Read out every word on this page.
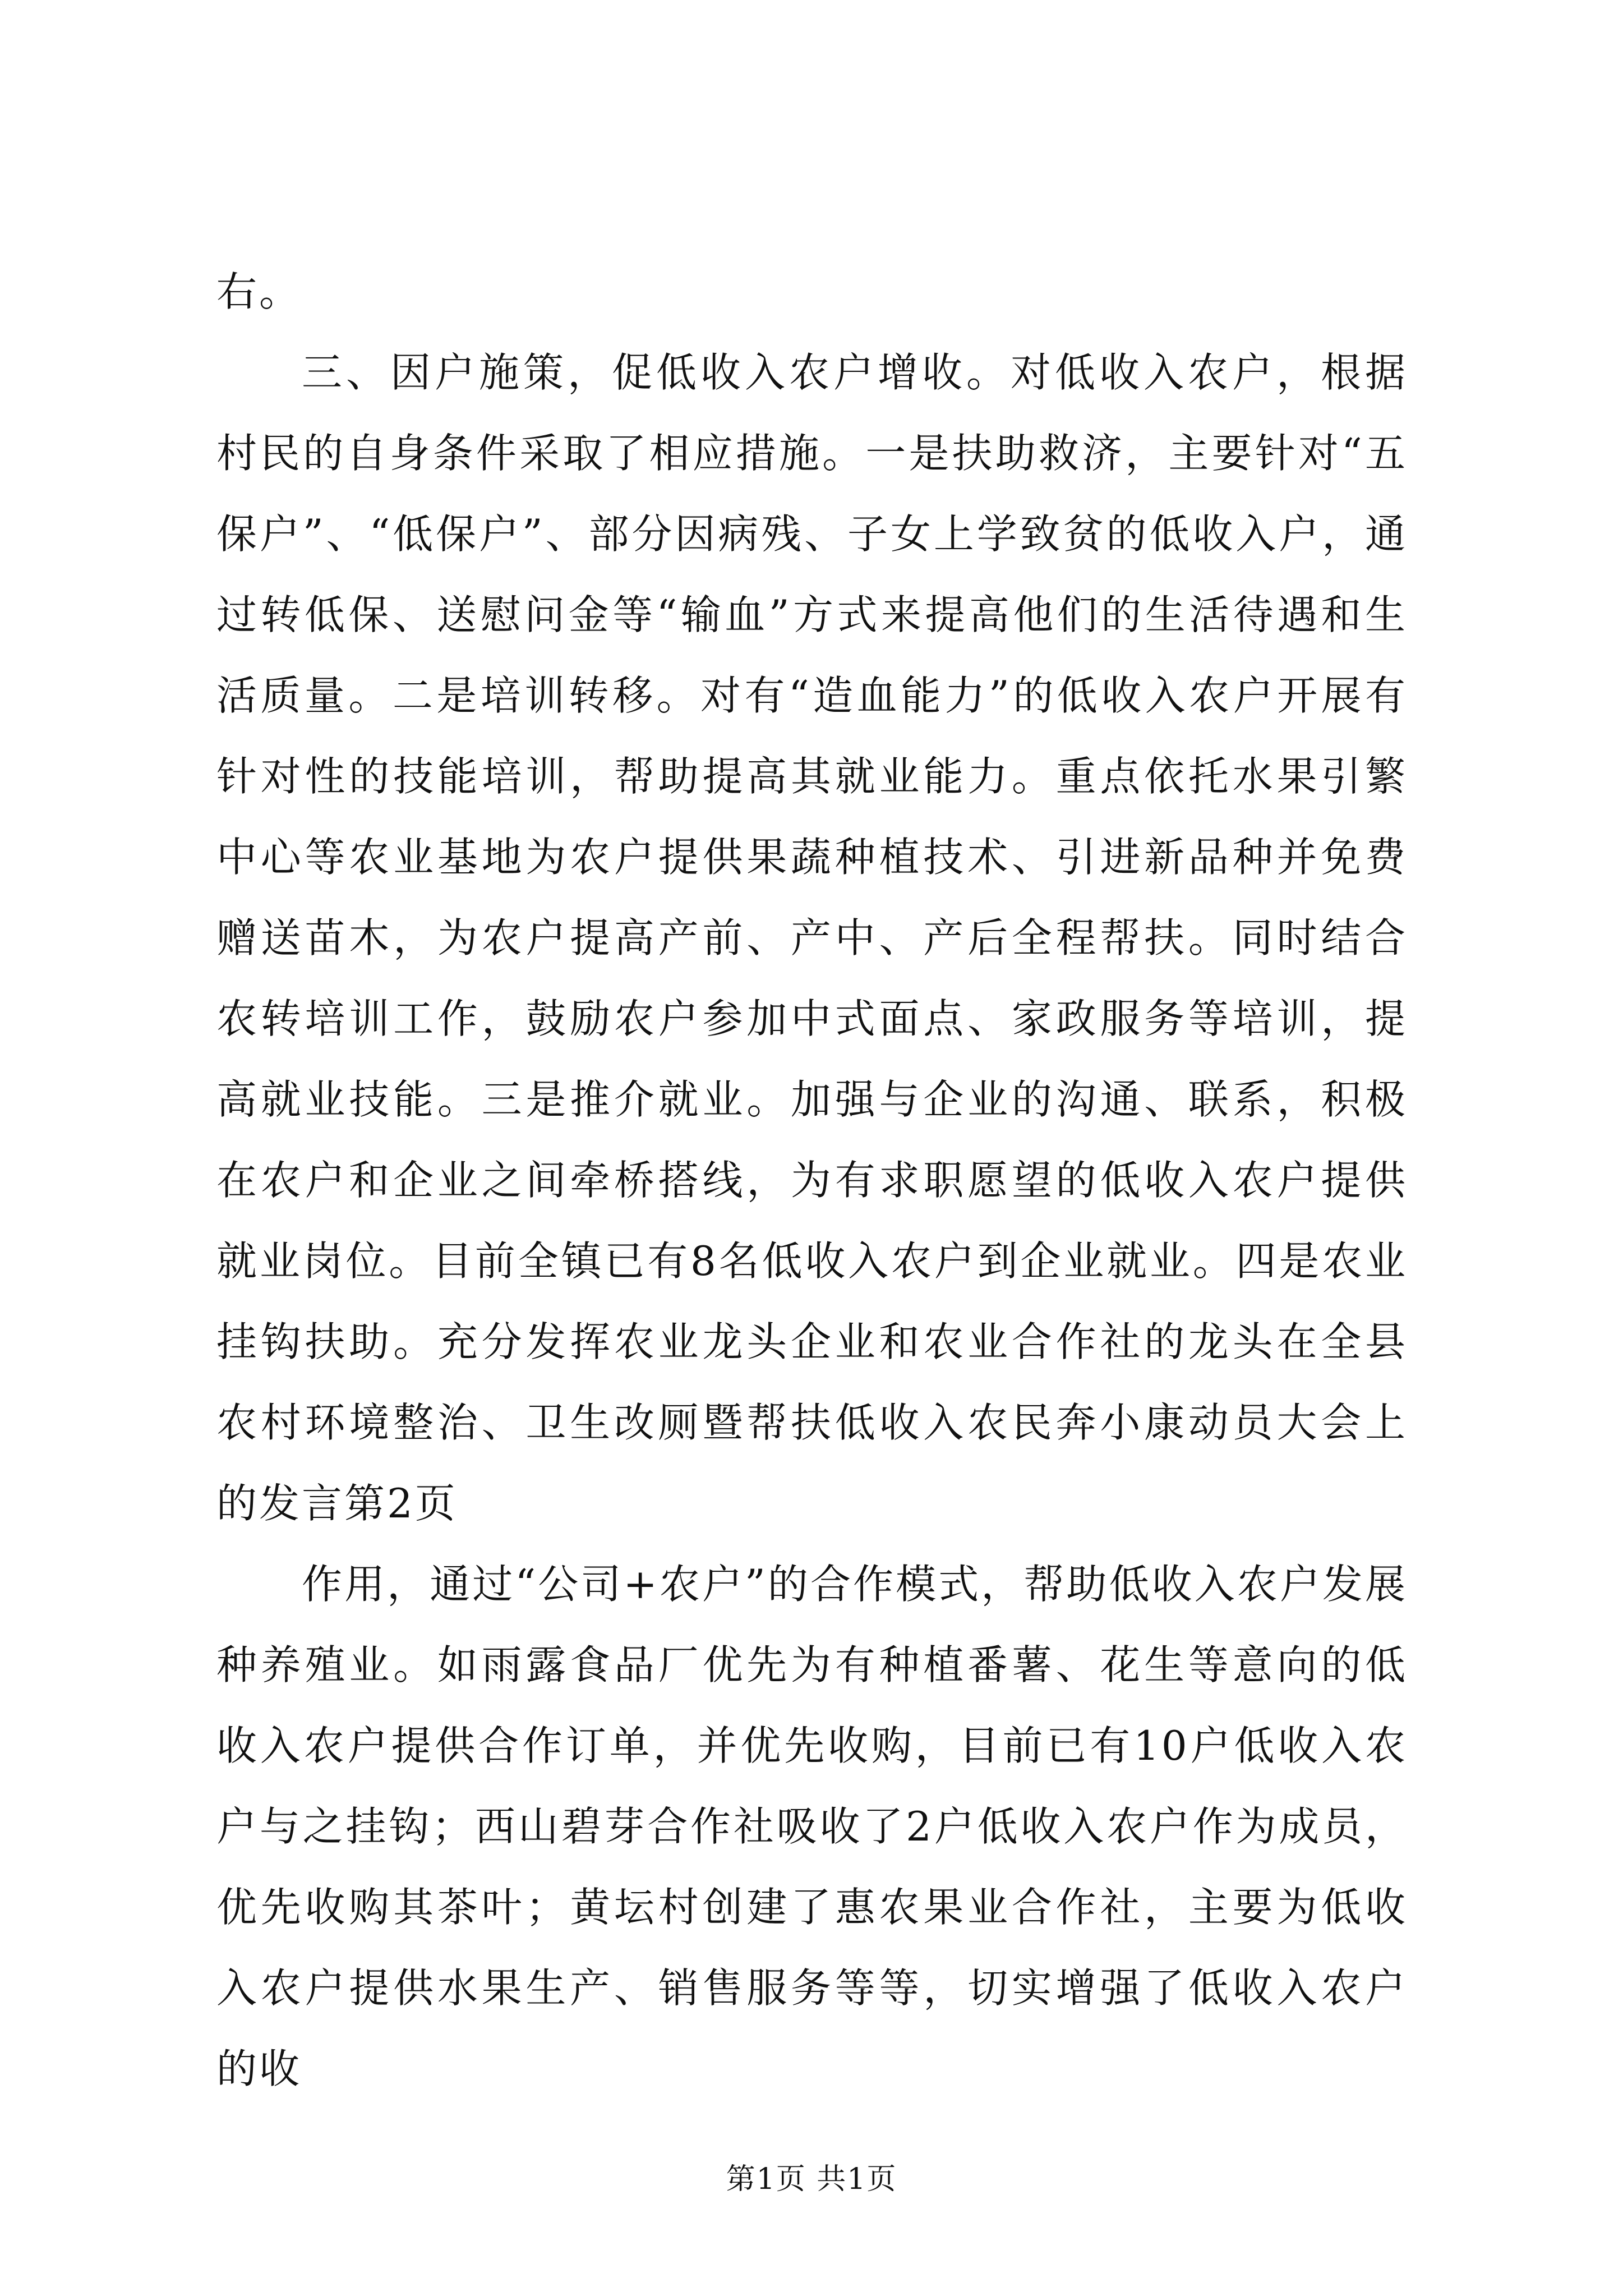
右。

三、因户施策，促低收入农户增收。对低收入农户，根据村民的自身条件采取了相应措施。一是扶助救济，主要针对“五保户”、“低保户”、部分因病残、子女上学致贫的低收入户，通过转低保、送慰问金等“输血”方式来提高他们的生活待遇和生活质量。二是培训转移。对有“造血能力”的低收入农户开展有针对性的技能培训，帮助提高其就业能力。重点依托水果引繁中心等农业基地为农户提供果蔬种植技术、引进新品种并免费赠送苗木，为农户提高产前、产中、产后全程帮扶。同时结合农转培训工作，鼓励农户参加中式面点、家政服务等培训，提高就业技能。三是推介就业。加强与企业的沟通、联系，积极在农户和企业之间牵桥搭线，为有求职愿望的低收入农户提供就业岗位。目前全镇已有8名低收入农户到企业就业。四是农业挂钩扶助。充分发挥农业龙头企业和农业合作社的龙头在全县农村环境整治、卫生改厕暨帮扶低收入农民奔小康动员大会上的发言第2页

作用，通过“公司+农户”的合作模式，帮助低收入农户发展种养殖业。如雨露食品厂优先为有种植番薯、花生等意向的低收入农户提供合作订单，并优先收购，目前已有10户低收入农户与之挂钩；西山碧芽合作社吸收了2户低收入农户作为成员，优先收购其茶叶；黄坛村创建了惠农果业合作社，主要为低收入农户提供水果生产、销售服务等等，切实增强了低收入农户的收

第1页 共1页
